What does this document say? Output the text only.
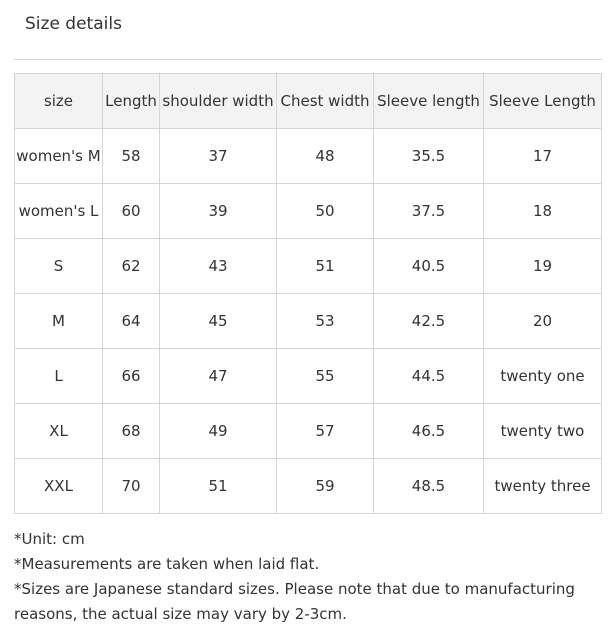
Size details
size	Length	shoulder width	Chest width	Sleeve length	Sleeve Length
women's M	58	37	48	35.5	17
women's L	60	39	50	37.5	18
S	62	43	51	40.5	19
M	64	45	53	42.5	20
L	66	47	55	44.5	twenty one
XL	68	49	57	46.5	twenty two
XXL	70	51	59	48.5	twenty three
*Unit: cm
*Measurements are taken when laid flat.
*Sizes are Japanese standard sizes. Please note that due to manufacturing reasons, the actual size may vary by 2-3cm.
